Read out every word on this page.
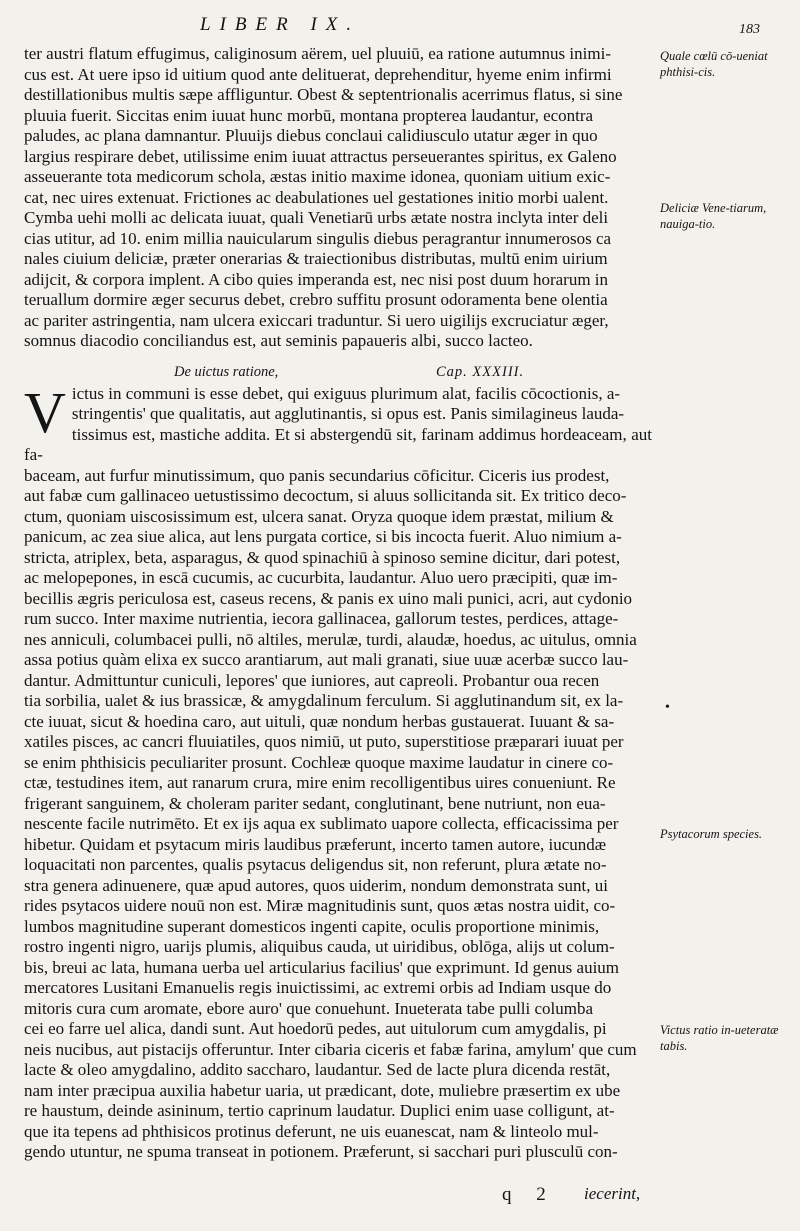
LIBER IX.	183
ter austri flatum effugimus, caliginosum aërem, uel pluuiū, ea ratione autumnus inimi-
cus est. At uere ipso id uitium quod ante delituerat, deprehenditur, hyeme enim infirmi
destillationibus multis sæpe affliguntur. Obest & septentrionalis acerrimus flatus, si sine
pluuia fuerit. Siccitas enim iuuat hunc morbū, montana propterea laudantur, econtra
paludes, ac plana damnantur. Pluuijs diebus conclaui calidiusculo utatur æger in quo
largius respirare debet, utilissime enim iuuat attractus perseuerantes spiritus, ex Galeno
asseuerante tota medicorum schola, æstas initio maxime idonea, quoniam uitium exic-
cat, nec uires extenuat. Frictiones ac deabulationes uel gestationes initio morbi ualent.
Cymba uehi molli ac delicata iuuat, quali Venetiarū urbs ætate nostra inclyta inter deli
cias utitur, ad 10. enim millia nauicularum singulis diebus peragrantur innumerosos ca
nales ciuium deliciæ, præter onerarias & traiectionibus distributas, multū enim uirium
adijcit, & corpora implent. A cibo quies imperanda est, nec nisi post duum horarum in
teruallum dormire æger securus debet, crebro suffitu prosunt odoramenta bene olentia
ac pariter astringentia, nam ulcera exiccari traduntur. Si uero uigilijs excruciatur æger,
somnus diacodio conciliandus est, aut seminis papaueris albi, succo lacteo.
De uictus ratione,	Cap. XXXIII.
V ictus in communi is esse debet, qui exiguus plurimum alat, facilis cōcoctionis, a-
stringentis' que qualitatis, aut agglutinantis, si opus est. Panis similagineus lauda-
tissimus est, mastiche addita. Et si abstergendū sit, farinam addimus hordeaceam, aut fa-
baceam, aut furfur minutissimum, quo panis secundarius cōficitur. Ciceris ius prodest,
aut fabæ cum gallinaceo uetustissimo decoctum, si aluus sollicitanda sit. Ex tritico deco-
ctum, quoniam uiscosissimum est, ulcera sanat. Oryza quoque idem præstat, milium &
panicum, ac zea siue alica, aut lens purgata cortice, si bis incocta fuerit. Aluo nimium a-
stricta, atriplex, beta, asparagus, & quod spinachiū à spinoso semine dicitur, dari potest,
ac melopepones, in escā cucumis, ac cucurbita, laudantur. Aluo uero præcipiti, quæ im-
becillis ægris periculosa est, caseus recens, & panis ex uino mali punici, acri, aut cydonio
rum succo. Inter maxime nutrientia, iecora gallinacea, gallorum testes, perdices, attage-
nes anniculi, columbacei pulli, nō altiles, merulæ, turdi, alaudæ, hoedus, ac uitulus, omnia
assa potius quàm elixa ex succo arantiarum, aut mali granati, siue uuæ acerbæ succo lau-
dantur. Admittuntur cuniculi, lepores' que iuniores, aut capreoli. Probantur oua recen
tia sorbilia, ualet & ius brassicæ, & amygdalinum ferculum. Si agglutinandum sit, ex la-
cte iuuat, sicut & hoedina caro, aut uituli, quæ nondum herbas gustauerat. Iuuant & sa-
xatiles pisces, ac cancri fluuiatiles, quos nimiū, ut puto, superstitiose præparari iuuat per
se enim phthisicis peculiariter prosunt. Cochleæ quoque maxime laudatur in cinere co-
ctæ, testudines item, aut ranarum crura, mire enim recolligentibus uires conueniunt. Re
frigerant sanguinem, & choleram pariter sedant, conglutinant, bene nutriunt, non eua-
nescente facile nutrimēto. Et ex ijs aqua ex sublimato uapore collecta, efficacissima per
hibetur. Quidam et psytacum miris laudibus præferunt, incerto tamen autore, iucundæ
loquacitati non parcentes, qualis psytacus deligendus sit, non referunt, plura ætate no-
stra genera adinuenere, quæ apud autores, quos uiderim, nondum demonstrata sunt, ui
rides psytacos uidere nouū non est. Miræ magnitudinis sunt, quos ætas nostra uidit, co-
lumbos magnitudine superant domesticos ingenti capite, oculis proportione minimis,
rostro ingenti nigro, uarijs plumis, aliquibus cauda, ut uiridibus, oblōga, alijs ut colum-
bis, breui ac lata, humana uerba uel articularius facilius' que exprimunt. Id genus auium
mercatores Lusitani Emanuelis regis inuictissimi, ac extremi orbis ad Indiam usque do
mitoris cura cum aromate, ebore auro' que conuehunt. Inueterata tabe pulli columba
cei eo farre uel alica, dandi sunt. Aut hoedorū pedes, aut uitulorum cum amygdalis, pi
neis nucibus, aut pistacijs offeruntur. Inter cibaria ciceris et fabæ farina, amylum' que cum
lacte & oleo amygdalino, addito saccharo, laudantur. Sed de lacte plura dicenda restāt,
nam inter præcipua auxilia habetur uaria, ut prædicant, dote, muliebre præsertim ex ube
re haustum, deinde asininum, tertio caprinum laudatur. Duplici enim uase colligunt, at-
que ita tepens ad phthisicos protinus deferunt, ne uis euanescat, nam & linteolo mul-
gendo utuntur, ne spuma transeat in potionem. Præferunt, si sacchari puri plusculū con-
Quale cœlū cō-ueniat phthisi-cis.
Deliciæ Vene-tiarum, nauiga-tio.
•
Psytacorum species.
Victus ratio in-ueteratæ tabis.
q 2 iecerint,
